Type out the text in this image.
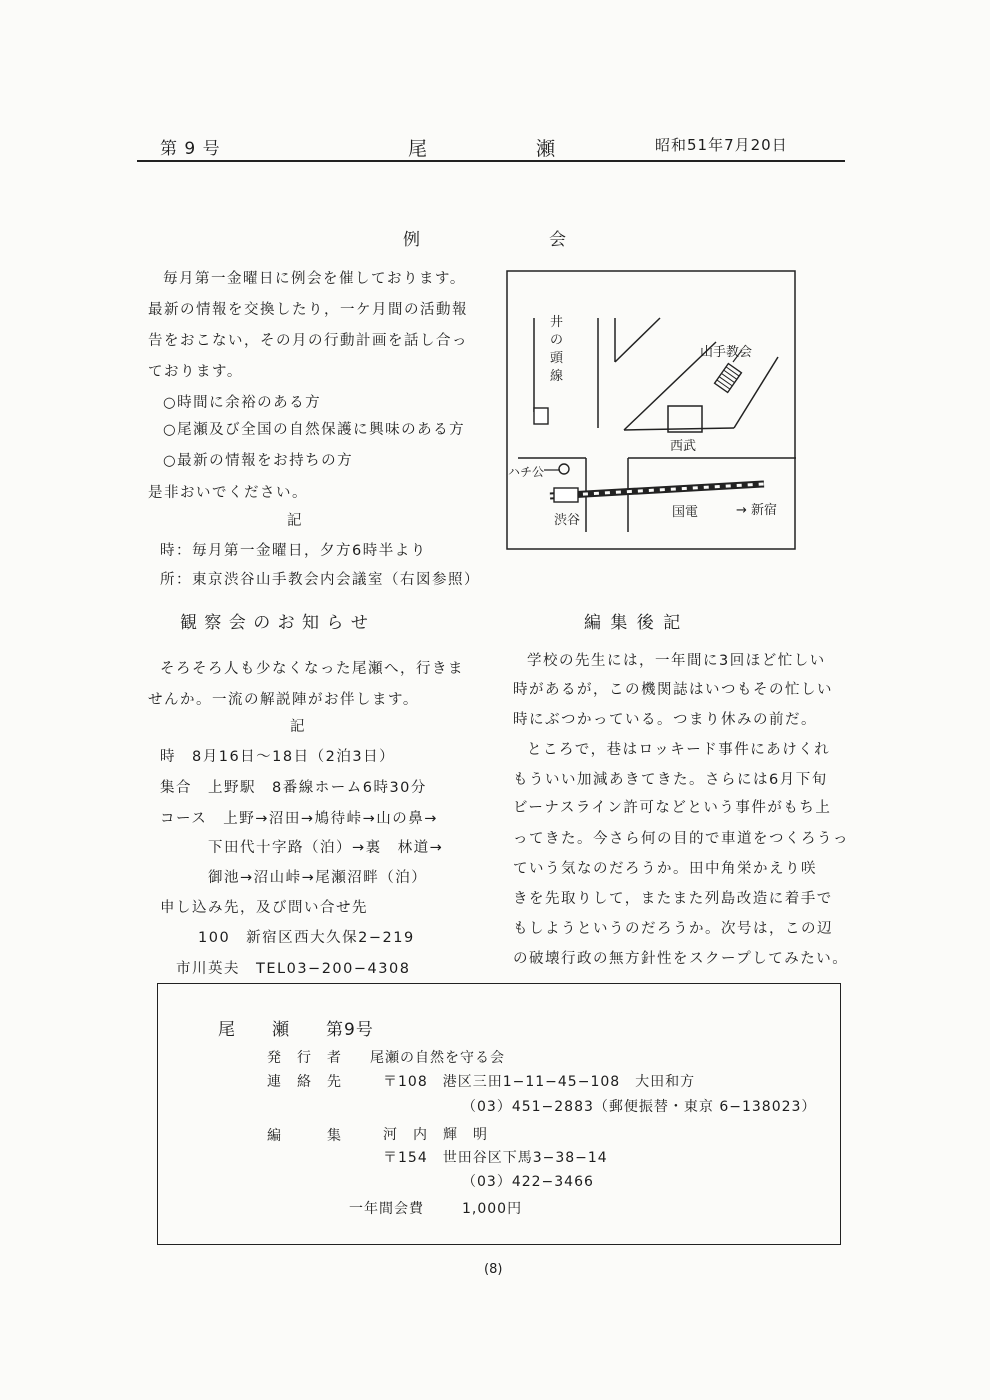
第 9 号	尾	瀬	昭和51年7月20日
例	会
毎月第一金曜日に例会を催しております。
最新の情報を交換したり，一ケ月間の活動報
告をおこない，その月の行動計画を話し合っ
ております。
○時間に余裕のある方
○尾瀬及び全国の自然保護に興味のある方
○最新の情報をお持ちの方
是非おいでください。
記
時：毎月第一金曜日，夕方6時半より
所：東京渋谷山手教会内会議室（右図参照）
井
の
頭
線
山手教会
西武
ハチ公
渋谷
国電	→ 新宿
観 察 会 の お 知 ら せ
そろそろ人も少なくなった尾瀬へ，行きま
せんか。一流の解説陣がお伴します。
記
時　8月16日〜18日（2泊3日）
集合　上野駅　8番線ホーム6時30分
コース　上野→沼田→鳩待峠→山の鼻→
下田代十字路（泊）→裏　林道→
御池→沼山峠→尾瀬沼畔（泊）
申し込み先，及び問い合せ先
100　新宿区西大久保2−219
市川英夫　TEL03−200−4308
編 集 後 記
学校の先生には，一年間に3回ほど忙しい
時があるが，この機関誌はいつもその忙しい
時にぶつかっている。つまり休みの前だ。
ところで，巷はロッキード事件にあけくれ
もういい加減あきてきた。さらには6月下旬
ビーナスライン許可などという事件がもち上
ってきた。今さら何の目的で車道をつくろうっ
ていう気なのだろうか。田中角栄かえり咲
きを先取りして，またまた列島改造に着手で
もしようというのだろうか。次号は，この辺
の破壊行政の無方針性をスクープしてみたい。
尾　　瀬　　第9号
発　行　者 尾瀬の自然を守る会
連　絡　先	〒108　港区三田1−11−45−108　大田和方
（03）451−2883（郵便振替・東京 6−138023）
編　　　集	河　内　輝　明
〒154　世田谷区下馬3−38−14
（03）422−3466
一年間会費	1,000円
(8)
